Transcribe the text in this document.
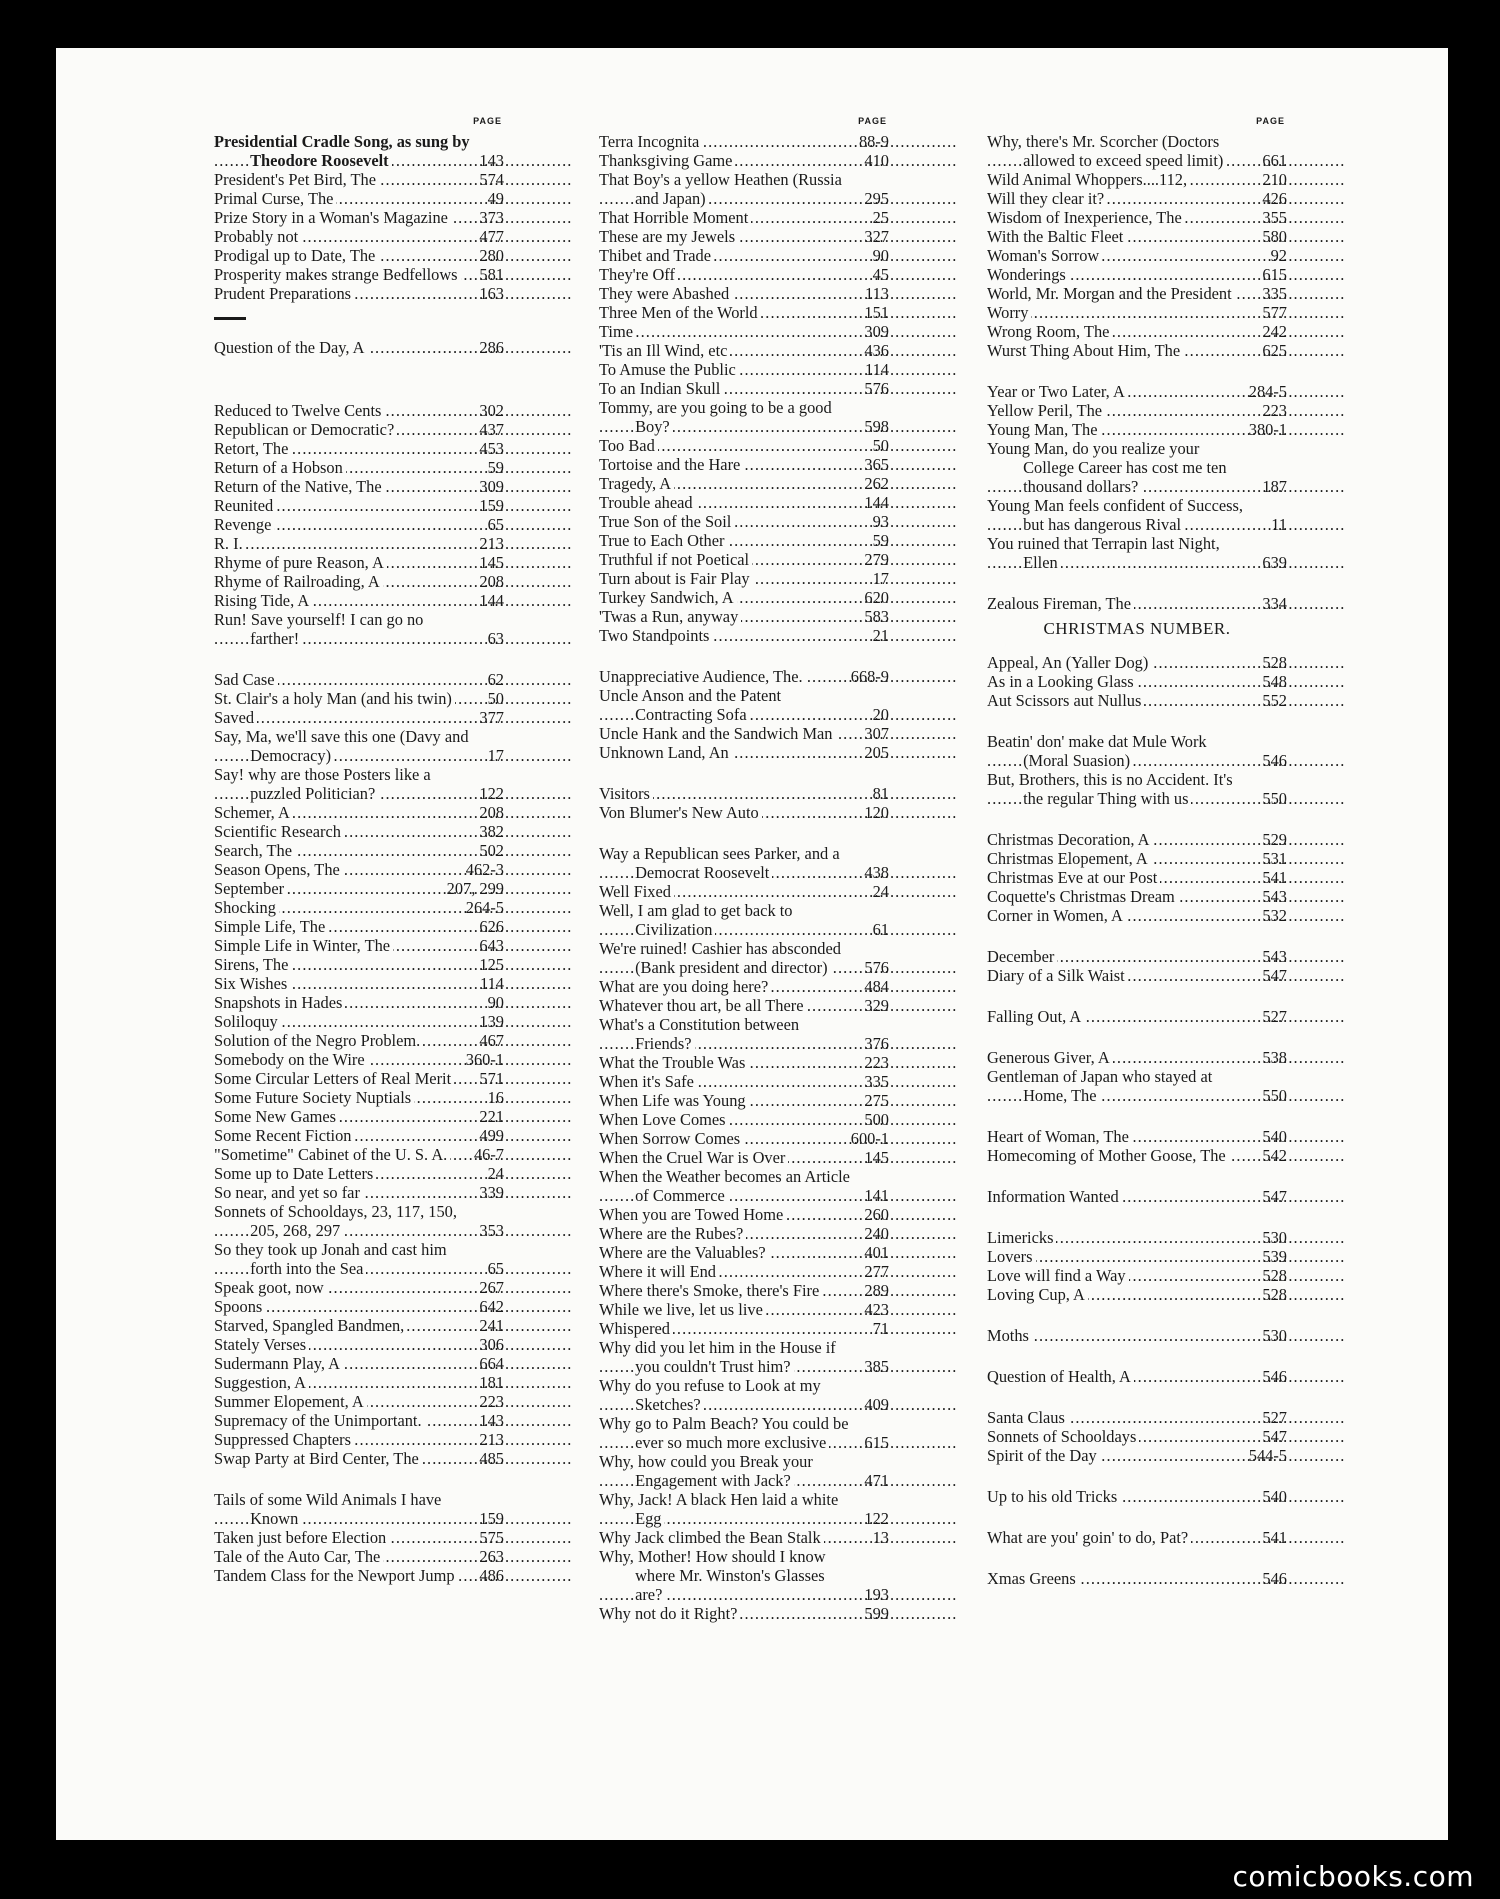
PAGE
Presidential Cradle Song, as sung by Theodore Roosevelt . . .	143
President's Pet Bird, The . . .	574
Primal Curse, The . . .	49
Prize Story in a Woman's Magazine . . .	373
Probably not . . .	477
Prodigal up to Date, The . . .	280
Prosperity makes strange Bedfellows . . .	581
Prudent Preparations . . .	163
Question of the Day, A . . .	286
Reduced to Twelve Cents . . .	302
Republican or Democratic? . . .	437
Retort, The . . .	453
Return of a Hobson . . .	59
Return of the Native, The . . .	309
Reunited . . .	159
Revenge . . .	65
R. I. . . .	213
Rhyme of pure Reason, A . . .	145
Rhyme of Railroading, A . . .	208
Rising Tide, A . . .	144
Run! Save yourself! I can go no farther! . . .	63
Sad Case . . .	62
St. Clair's a holy Man (and his twin) . . .	50
Saved . . .	377
Say, Ma, we'll save this one (Davy and Democracy) . . .	17
Say! why are those Posters like a puzzled Politician? . . .	122
Schemer, A . . .	208
Scientific Research . . .	382
Search, The . . .	502
Season Opens, The . . .	462-3
September . . .	207, 299
Shocking . . .	264-5
Simple Life, The . . .	626
Simple Life in Winter, The . . .	643
Sirens, The . . .	125
Six Wishes . . .	114
Snapshots in Hades . . .	90
Soliloquy . . .	139
Solution of the Negro Problem. . . .	467
Somebody on the Wire . . .	360-1
Some Circular Letters of Real Merit . . .	571
Some Future Society Nuptials . . .	16
Some New Games . . .	221
Some Recent Fiction . . .	499
"Sometime" Cabinet of the U. S. A. . . .	46-7
Some up to Date Letters . . .	24
So near, and yet so far . . .	339
Sonnets of Schooldays, 23, 117, 150, 205, 268, 297 . . .	353
So they took up Jonah and cast him forth into the Sea . . .	65
Speak goot, now . . .	267
Spoons . . .	642
Starved, Spangled Bandmen, . . .	241
Stately Verses . . .	306
Sudermann Play, A . . .	664
Suggestion, A . . .	181
Summer Elopement, A . . .	223
Supremacy of the Unimportant. . . .	143
Suppressed Chapters . . .	213
Swap Party at Bird Center, The . . .	485
Tails of some Wild Animals I have Known . . .	159
Taken just before Election . . .	575
Tale of the Auto Car, The . . .	263
Tandem Class for the Newport Jump . . .	486
PAGE
Terra Incognita . . .	88-9
Thanksgiving Game . . .	410
That Boy's a yellow Heathen (Russia and Japan) . . .	295
That Horrible Moment . . .	25
These are my Jewels . . .	327
Thibet and Trade . . .	90
They're Off . . .	45
They were Abashed . . .	113
Three Men of the World . . .	151
Time . . .	309
'Tis an Ill Wind, etc . . .	436
To Amuse the Public . . .	114
To an Indian Skull . . .	576
Tommy, are you going to be a good Boy? . . .	598
Too Bad . . .	50
Tortoise and the Hare . . .	365
Tragedy, A . . .	262
Trouble ahead . . .	144
True Son of the Soil . . .	93
True to Each Other . . .	59
Truthful if not Poetical . . .	279
Turn about is Fair Play . . .	17
Turkey Sandwich, A . . .	620
'Twas a Run, anyway . . .	583
Two Standpoints . . .	21
Unappreciative Audience, The. . . .	668-9
Uncle Anson and the Patent Contracting Sofa . . .	20
Uncle Hank and the Sandwich Man . . .	307
Unknown Land, An . . .	205
Visitors . . .	81
Von Blumer's New Auto . . .	120
Way a Republican sees Parker, and a Democrat Roosevelt . . .	438
Well Fixed . . .	24
Well, I am glad to get back to Civilization . . .	61
We're ruined! Cashier has absconded (Bank president and director) . . .	576
What are you doing here? . . .	484
Whatever thou art, be all There . . .	329
What's a Constitution between Friends? . . .	376
What the Trouble Was . . .	223
When it's Safe . . .	335
When Life was Young . . .	275
When Love Comes . . .	500
When Sorrow Comes . . .	600-1
When the Cruel War is Over . . .	145
When the Weather becomes an Article of Commerce . . .	141
When you are Towed Home . . .	260
Where are the Rubes? . . .	240
Where are the Valuables? . . .	401
Where it will End . . .	277
Where there's Smoke, there's Fire . . .	289
While we live, let us live . . .	423
Whispered . . .	71
Why did you let him in the House if you couldn't Trust him? . . .	385
Why do you refuse to Look at my Sketches? . . .	409
Why go to Palm Beach? You could be ever so much more exclusive . . .	615
Why, how could you Break your Engagement with Jack? . . .	471
Why, Jack! A black Hen laid a white Egg . . .	122
Why Jack climbed the Bean Stalk . . .	13
Why, Mother! How should I know where Mr. Winston's Glasses are? . . .	193
Why not do it Right? . . .	599
PAGE
Why, there's Mr. Scorcher (Doctors allowed to exceed speed limit) . . .	661
Wild Animal Whoppers....112, . . .	210
Will they clear it? . . .	426
Wisdom of Inexperience, The . . .	355
With the Baltic Fleet . . .	580
Woman's Sorrow . . .	92
Wonderings . . .	615
World, Mr. Morgan and the President . . .	335
Worry . . .	577
Wrong Room, The . . .	242
Wurst Thing About Him, The . . .	625
Year or Two Later, A . . .	284-5
Yellow Peril, The . . .	223
Young Man, The . . .	380-1
Young Man, do you realize your College Career has cost me ten thousand dollars? . . .	187
Young Man feels confident of Success, but has dangerous Rival . . .	11
You ruined that Terrapin last Night, Ellen . . .	639
Zealous Fireman, The . . .	334
CHRISTMAS NUMBER.
Appeal, An (Yaller Dog) . . .	528
As in a Looking Glass . . .	548
Aut Scissors aut Nullus . . .	552
Beatin' don' make dat Mule Work (Moral Suasion) . . .	546
But, Brothers, this is no Accident. It's the regular Thing with us . . .	550
Christmas Decoration, A . . .	529
Christmas Elopement, A . . .	531
Christmas Eve at our Post . . .	541
Coquette's Christmas Dream . . .	543
Corner in Women, A . . .	532
December . . .	543
Diary of a Silk Waist . . .	547
Falling Out, A . . .	527
Generous Giver, A . . .	538
Gentleman of Japan who stayed at Home, The . . .	550
Heart of Woman, The . . .	540
Homecoming of Mother Goose, The . . .	542
Information Wanted . . .	547
Limericks . . .	530
Lovers . . .	539
Love will find a Way . . .	528
Loving Cup, A . . .	528
Moths . . .	530
Question of Health, A . . .	546
Santa Claus . . .	527
Sonnets of Schooldays . . .	547
Spirit of the Day . . .	544-5
Up to his old Tricks . . .	540
What are you' goin' to do, Pat? . . .	541
Xmas Greens . . .	546
comicbooks.com
